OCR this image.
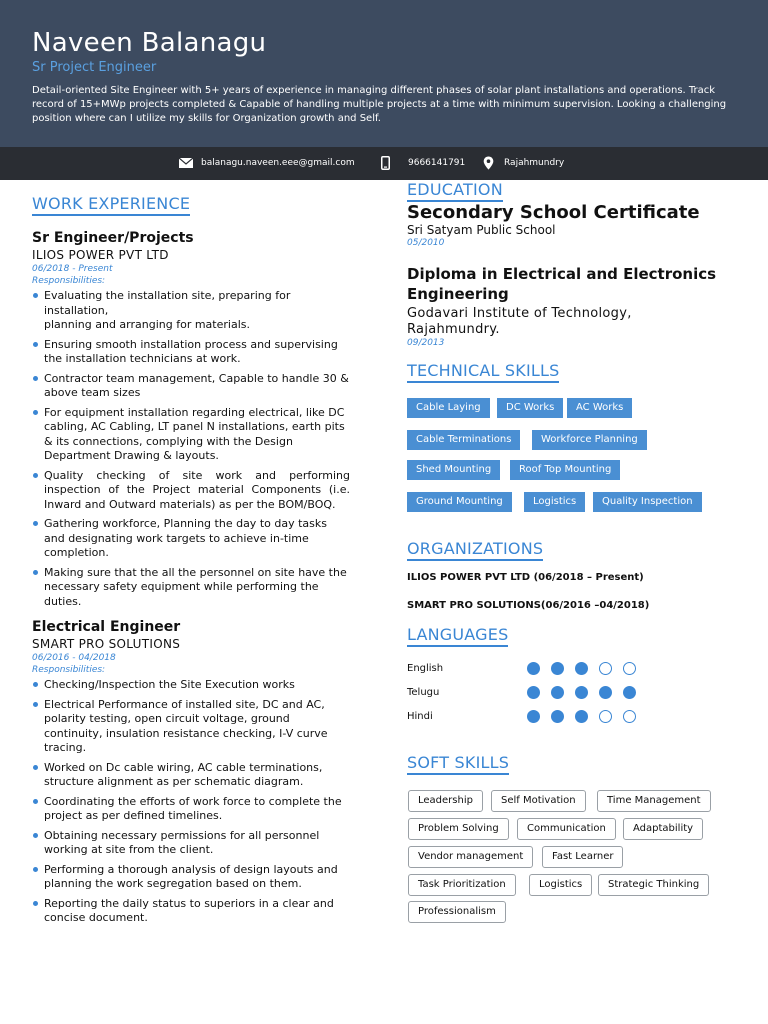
Naveen Balanagu
Sr Project Engineer
Detail-oriented Site Engineer with 5+ years of experience in managing different phases of solar plant installations and operations. Track record of 15+MWp projects completed & Capable of handling multiple projects at a time with minimum supervision. Looking a challenging position where can I utilize my skills for Organization growth and Self.
balanagu.naveen.eee@gmail.com	9666141791	Rajahmundry
WORK EXPERIENCE
Sr Engineer/Projects
ILIOS POWER PVT LTD
06/2018 - Present
Responsibilities:
Evaluating the installation site, preparing for installation,
planning and arranging for materials.
Ensuring smooth installation process and supervising the installation technicians at work.
Contractor team management, Capable to handle 30 & above team sizes
For equipment installation regarding electrical, like DC cabling, AC Cabling, LT panel N installations, earth pits & its connections, complying with the Design Department Drawing & layouts.
Quality checking of site work and performing inspection of the Project material Components (i.e. Inward and Outward materials) as per the BOM/BOQ.
Gathering workforce, Planning the day to day tasks and designating work targets to achieve in-time completion.
Making sure that the all the personnel on site have the necessary safety equipment while performing the duties.
Electrical Engineer
SMART PRO SOLUTIONS
06/2016 - 04/2018
Responsibilities:
Checking/Inspection the Site Execution works
Electrical Performance of installed site, DC and AC, polarity testing, open circuit voltage, ground continuity, insulation resistance checking, I-V curve tracing.
Worked on Dc cable wiring, AC cable terminations, structure alignment as per schematic diagram.
Coordinating the efforts of work force to complete the project as per defined timelines.
Obtaining necessary permissions for all personnel working at site from the client.
Performing a thorough analysis of design layouts and planning the work segregation based on them.
Reporting the daily status to superiors in a clear and concise document.
EDUCATION
Secondary School Certificate
Sri Satyam Public School
05/2010
Diploma in Electrical and Electronics Engineering
Godavari Institute of Technology, Rajahmundry.
09/2013
TECHNICAL SKILLS
Cable Laying	DC Works	AC Works
Cable Terminations	Workforce Planning
Shed Mounting	Roof Top Mounting
Ground Mounting	Logistics	Quality Inspection
ORGANIZATIONS
ILIOS POWER PVT LTD (06/2018 – Present)
SMART PRO SOLUTIONS(06/2016 –04/2018)
LANGUAGES
English
Telugu
Hindi
SOFT SKILLS
Leadership	Self Motivation	Time Management
Problem Solving	Communication	Adaptability
Vendor management	Fast Learner
Task Prioritization	Logistics	Strategic Thinking
Professionalism
